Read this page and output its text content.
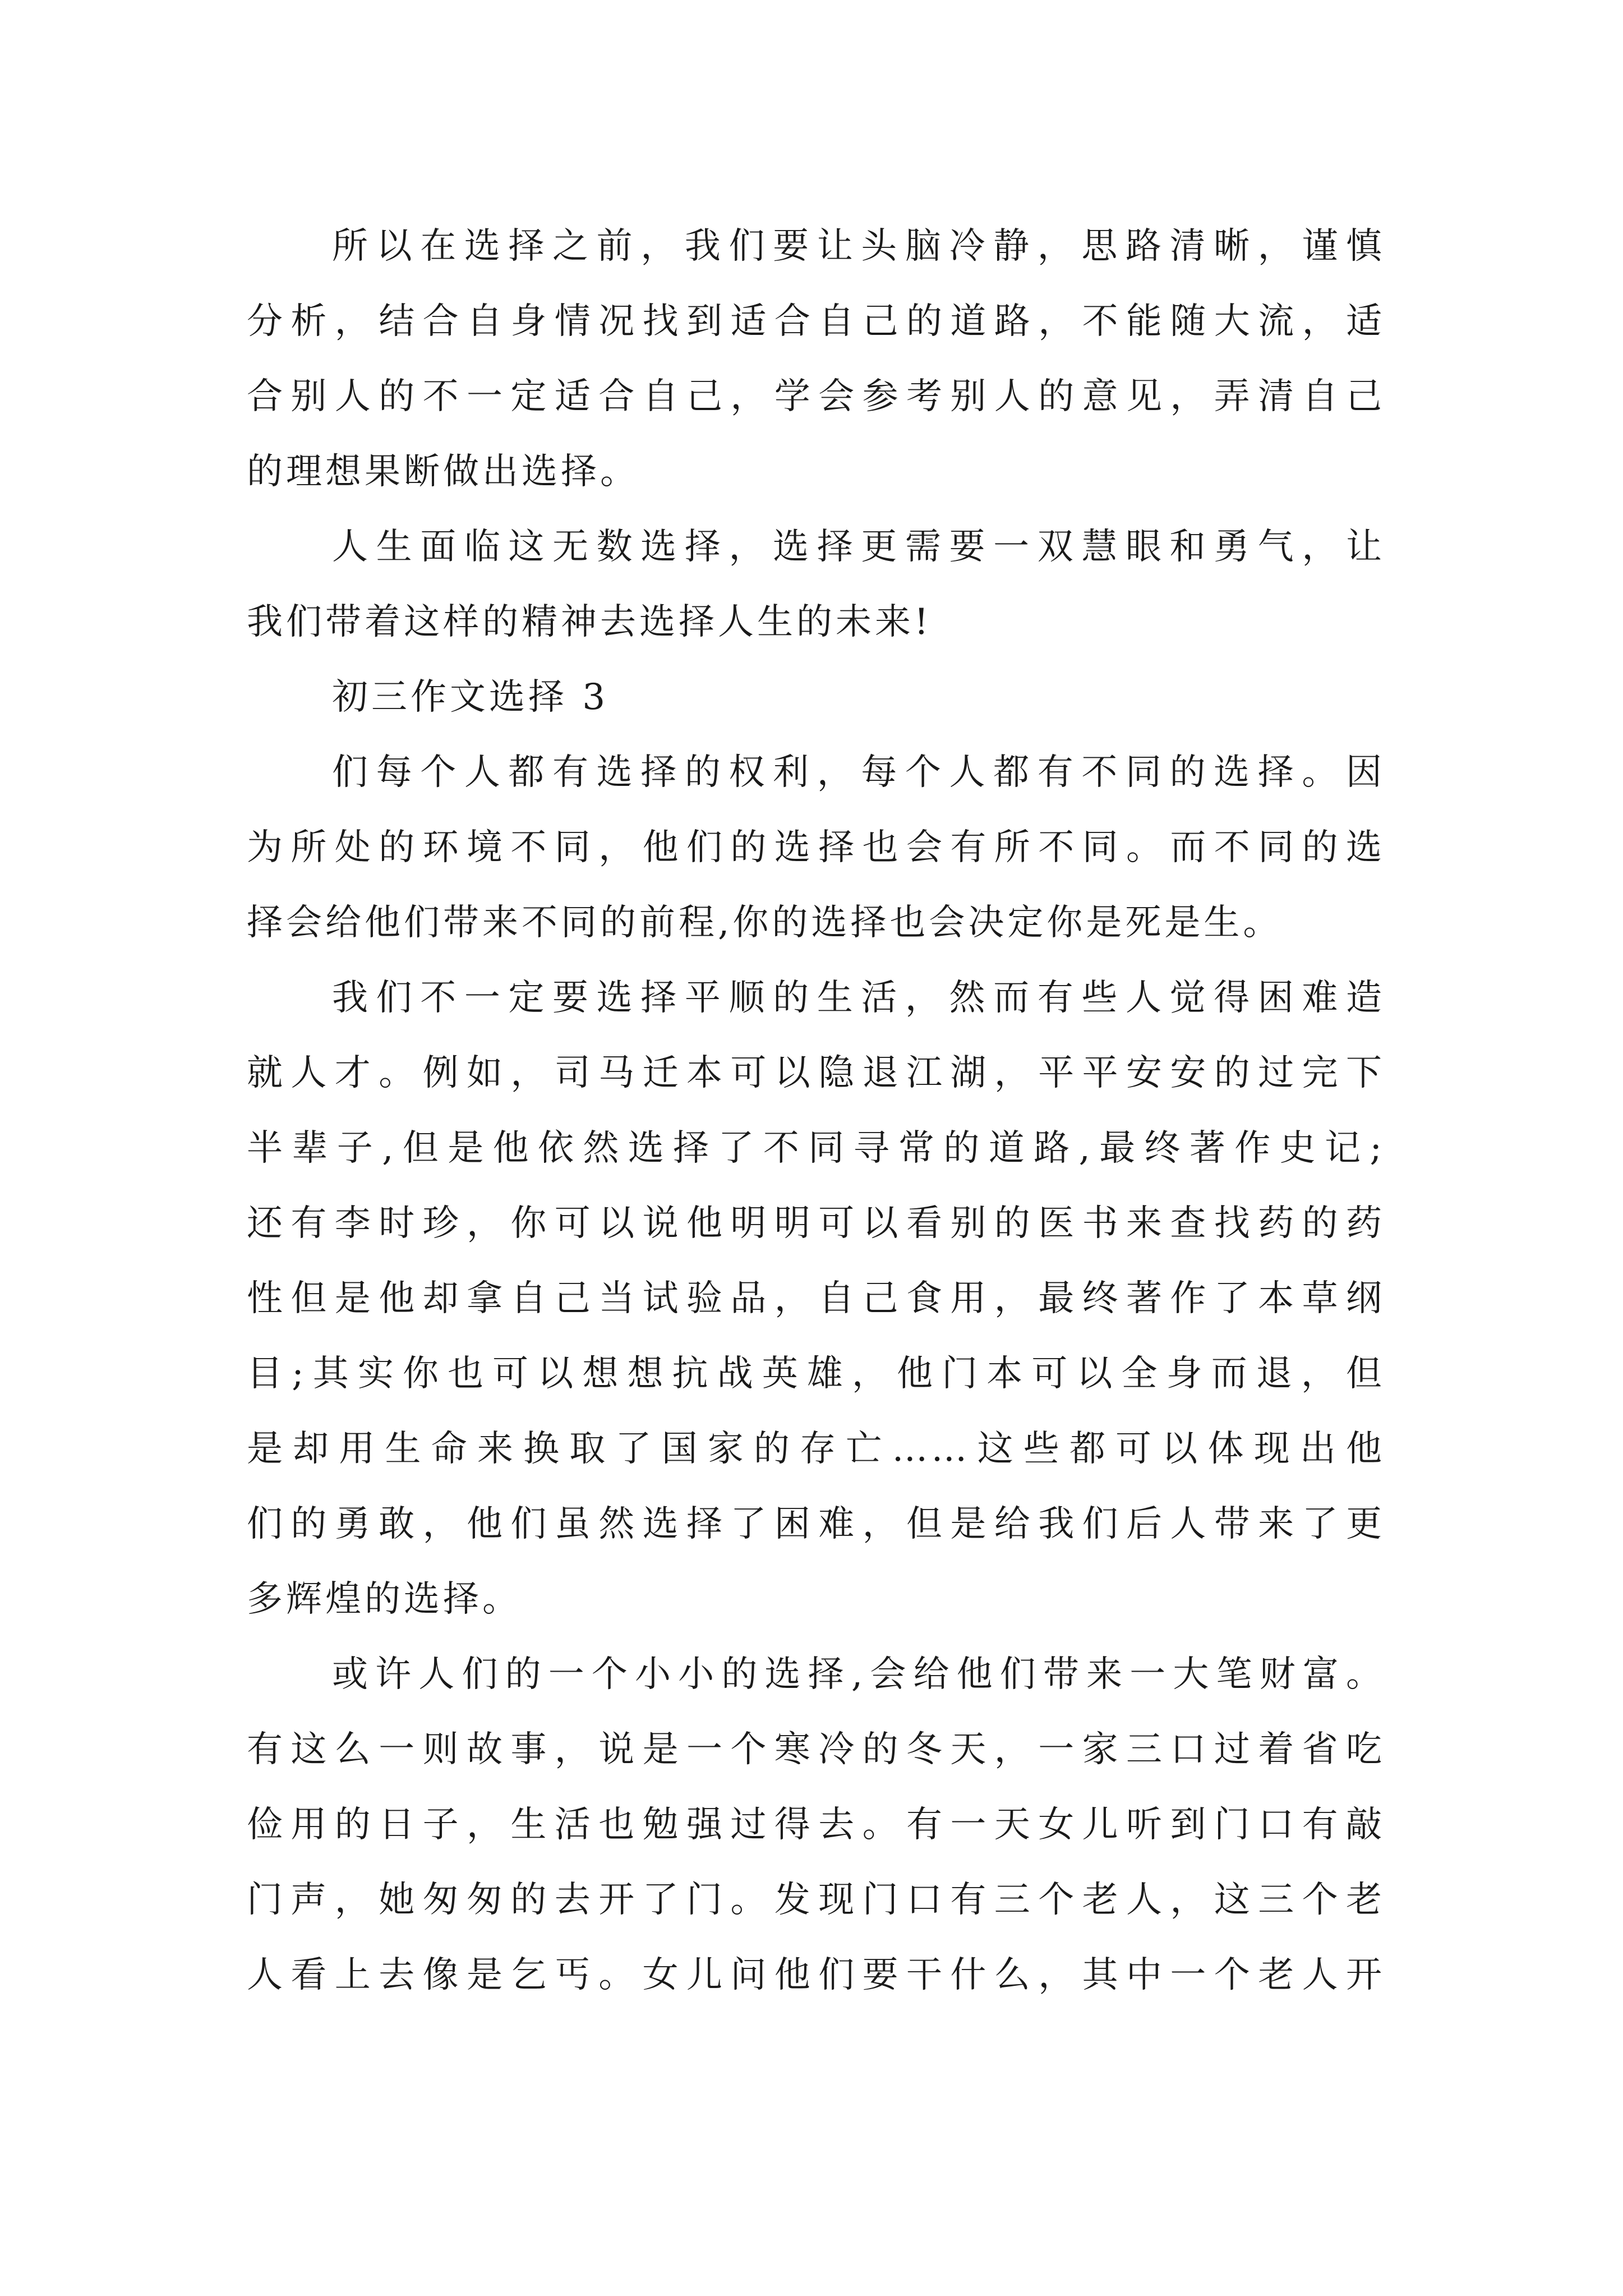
所以在选择之前，我们要让头脑冷静，思路清晰，谨慎
分析，结合自身情况找到适合自己的道路，不能随大流，适
合别人的不一定适合自己，学会参考别人的意见，弄清自己
的理想果断做出选择。
人生面临这无数选择，选择更需要一双慧眼和勇气，让
我们带着这样的精神去选择人生的未来!
初三作文选择 3
们每个人都有选择的权利，每个人都有不同的选择。因
为所处的环境不同，他们的选择也会有所不同。而不同的选
择会给他们带来不同的前程,你的选择也会决定你是死是生。
我们不一定要选择平顺的生活，然而有些人觉得困难造
就人才。例如，司马迁本可以隐退江湖，平平安安的过完下
半辈子,但是他依然选择了不同寻常的道路,最终著作史记;
还有李时珍，你可以说他明明可以看别的医书来查找药的药
性但是他却拿自己当试验品，自己食用，最终著作了本草纲
目;其实你也可以想想抗战英雄，他门本可以全身而退，但
是却用生命来换取了国家的存亡……这些都可以体现出他
们的勇敢，他们虽然选择了困难，但是给我们后人带来了更
多辉煌的选择。
或许人们的一个小小的选择,会给他们带来一大笔财富。
有这么一则故事，说是一个寒冷的冬天，一家三口过着省吃
俭用的日子，生活也勉强过得去。有一天女儿听到门口有敲
门声，她匆匆的去开了门。发现门口有三个老人，这三个老
人看上去像是乞丐。女儿问他们要干什么，其中一个老人开
